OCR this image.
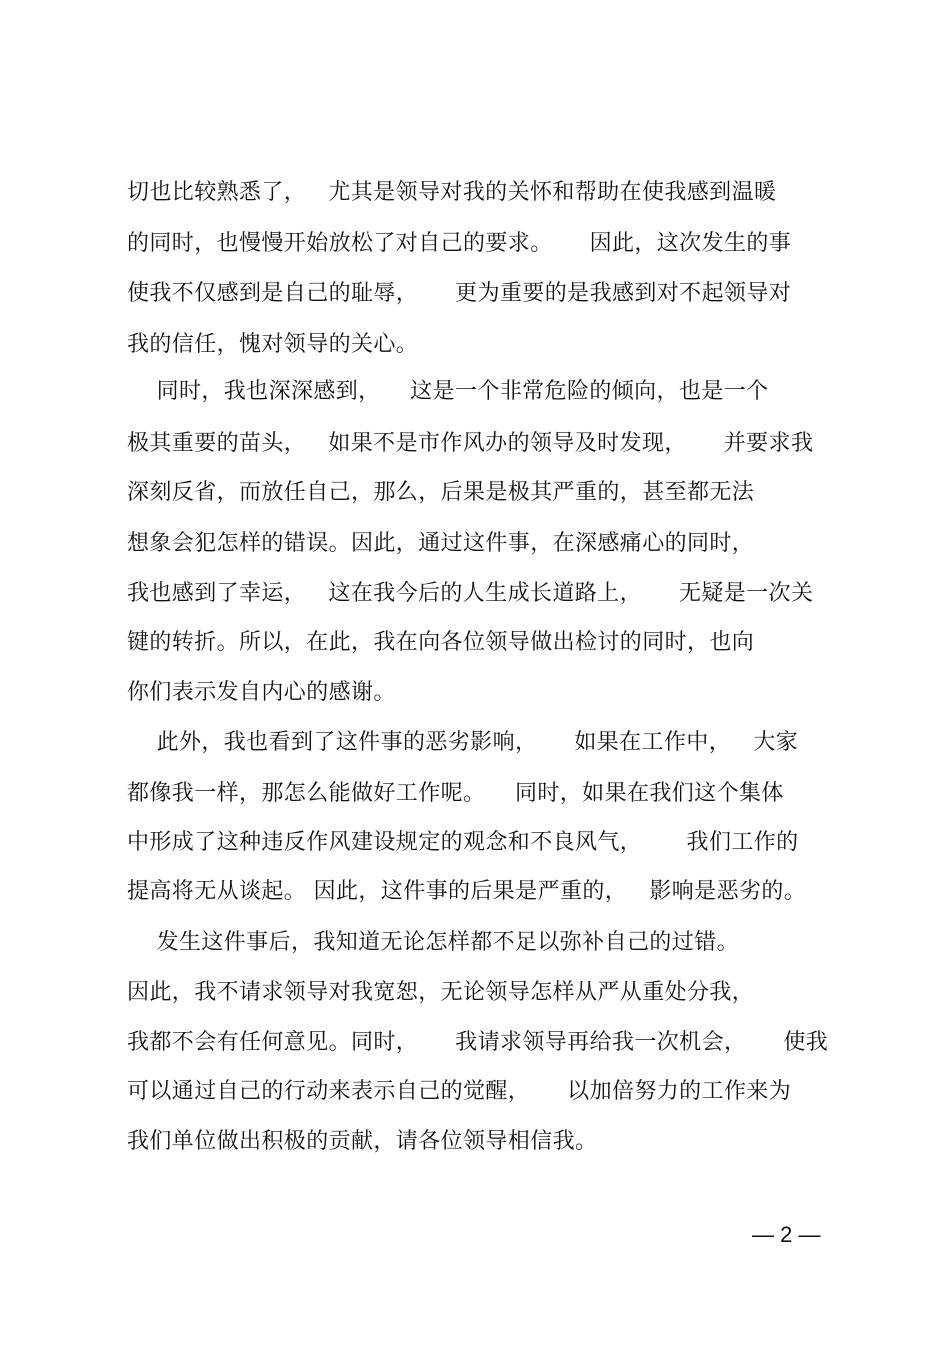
切也比较熟悉了，   尤其是领导对我的关怀和帮助在使我感到温暖
的同时，也慢慢开始放松了对自己的要求。     因此，这次发生的事
使我不仅感到是自己的耻辱，     更为重要的是我感到对不起领导对
我的信任，愧对领导的关心。
同时，我也深深感到，    这是一个非常危险的倾向，也是一个
极其重要的苗头，   如果不是市作风办的领导及时发现，     并要求我
深刻反省，而放任自己，那么，后果是极其严重的，甚至都无法
想象会犯怎样的错误。因此，通过这件事，在深感痛心的同时，
我也感到了幸运，   这在我今后的人生成长道路上，     无疑是一次关
键的转折。所以，在此，我在向各位领导做出检讨的同时，也向
你们表示发自内心的感谢。
此外，我也看到了这件事的恶劣影响，     如果在工作中，   大家
都像我一样，那怎么能做好工作呢。    同时，如果在我们这个集体
中形成了这种违反作风建设规定的观念和不良风气，      我们工作的
提高将无从谈起。 因此，这件事的后果是严重的，   影响是恶劣的。
发生这件事后，我知道无论怎样都不足以弥补自己的过错。
因此，我不请求领导对我宽恕，无论领导怎样从严从重处分我，
我都不会有任何意见。同时，     我请求领导再给我一次机会，     使我
可以通过自己的行动来表示自己的觉醒，     以加倍努力的工作来为
我们单位做出积极的贡献，请各位领导相信我。
— 2 —
